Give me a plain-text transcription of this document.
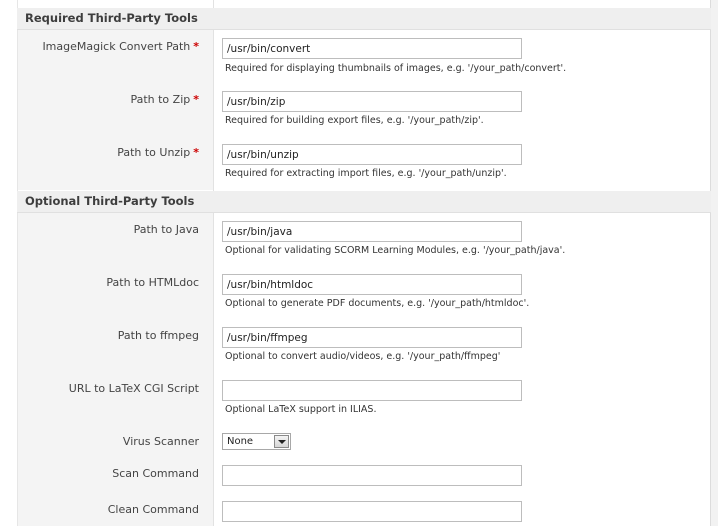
Required Third-Party Tools
ImageMagick Convert Path *
/usr/bin/convert
Required for displaying thumbnails of images, e.g. '/your_path/convert'.
Path to Zip *
/usr/bin/zip
Required for building export files, e.g. '/your_path/zip'.
Path to Unzip *
/usr/bin/unzip
Required for extracting import files, e.g. '/your_path/unzip'.
Optional Third-Party Tools
Path to Java
/usr/bin/java
Optional for validating SCORM Learning Modules, e.g. '/your_path/java'.
Path to HTMLdoc
/usr/bin/htmldoc
Optional to generate PDF documents, e.g. '/your_path/htmldoc'.
Path to ffmpeg
/usr/bin/ffmpeg
Optional to convert audio/videos, e.g. '/your_path/ffmpeg'
URL to LaTeX CGI Script
Optional LaTeX support in ILIAS.
Virus Scanner	None
Scan Command
Clean Command
